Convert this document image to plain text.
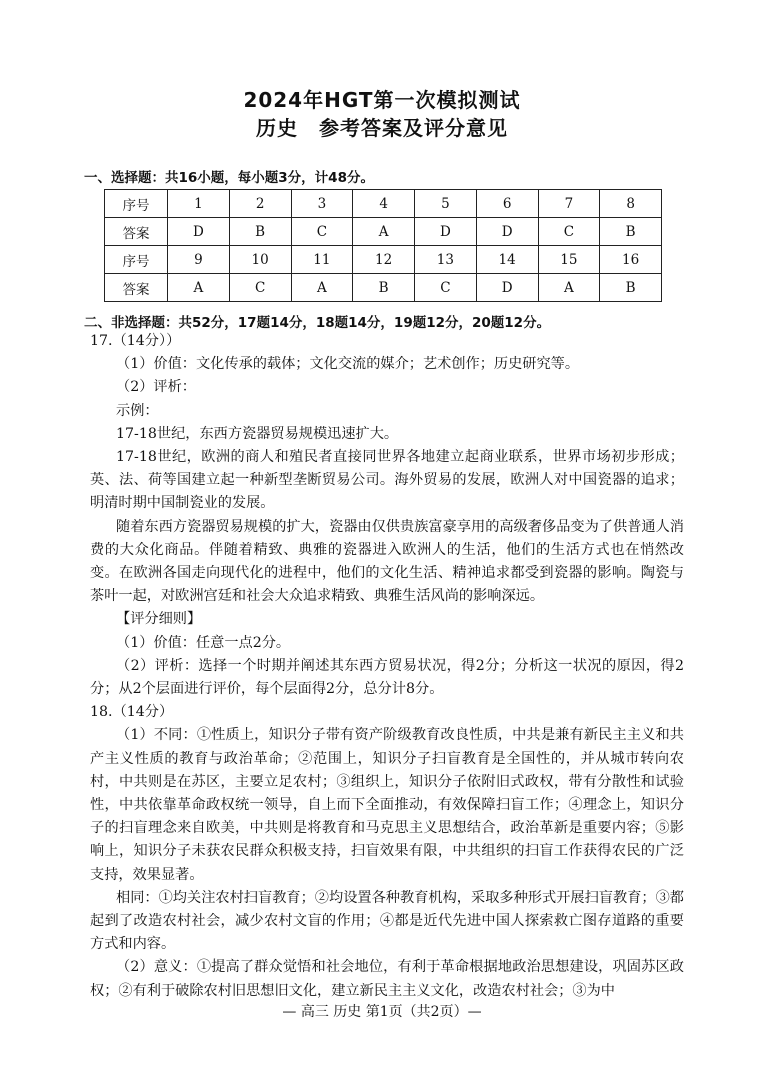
2024年HGT第一次模拟测试
历史　参考答案及评分意见
一、选择题：共16小题，每小题3分，计48分。
序号	1	2	3	4	5	6	7	8
答案	D	B	C	A	D	D	C	B
序号	9	10	11	12	13	14	15	16
答案	A	C	A	B	C	D	A	B
二、非选择题：共52分，17题14分，18题14分，19题12分，20题12分。

17.（14分））

（1）价值：文化传承的载体；文化交流的媒介；艺术创作；历史研究等。

（2）评析：

示例：

17-18世纪，东西方瓷器贸易规模迅速扩大。

17-18世纪，欧洲的商人和殖民者直接同世界各地建立起商业联系，世界市场初步形成；英、法、荷等国建立起一种新型垄断贸易公司。海外贸易的发展，欧洲人对中国瓷器的追求；明清时期中国制瓷业的发展。

随着东西方瓷器贸易规模的扩大，瓷器由仅供贵族富豪享用的高级奢侈品变为了供普通人消费的大众化商品。伴随着精致、典雅的瓷器进入欧洲人的生活，他们的生活方式也在悄然改变。在欧洲各国走向现代化的进程中，他们的文化生活、精神追求都受到瓷器的影响。陶瓷与茶叶一起，对欧洲宫廷和社会大众追求精致、典雅生活风尚的影响深远。

【评分细则】

（1）价值：任意一点2分。

（2）评析：选择一个时期并阐述其东西方贸易状况，得2分；分析这一状况的原因，得2分；从2个层面进行评价，每个层面得2分，总分计8分。

18.（14分）

（1）不同：①性质上，知识分子带有资产阶级教育改良性质，中共是兼有新民主主义和共产主义性质的教育与政治革命；②范围上，知识分子扫盲教育是全国性的，并从城市转向农村，中共则是在苏区，主要立足农村；③组织上，知识分子依附旧式政权，带有分散性和试验性，中共依靠革命政权统一领导，自上而下全面推动，有效保障扫盲工作；④理念上，知识分子的扫盲理念来自欧美，中共则是将教育和马克思主义思想结合，政治革新是重要内容；⑤影响上，知识分子未获农民群众积极支持，扫盲效果有限，中共组织的扫盲工作获得农民的广泛支持，效果显著。

相同：①均关注农村扫盲教育；②均设置各种教育机构，采取多种形式开展扫盲教育；③都起到了改造农村社会，减少农村文盲的作用；④都是近代先进中国人探索救亡图存道路的重要方式和内容。

（2）意义：①提高了群众觉悟和社会地位，有利于革命根据地政治思想建设，巩固苏区政权；②有利于破除农村旧思想旧文化，建立新民主主义文化，改造农村社会；③为中

— 高三 历史 第1页（共2页）—
